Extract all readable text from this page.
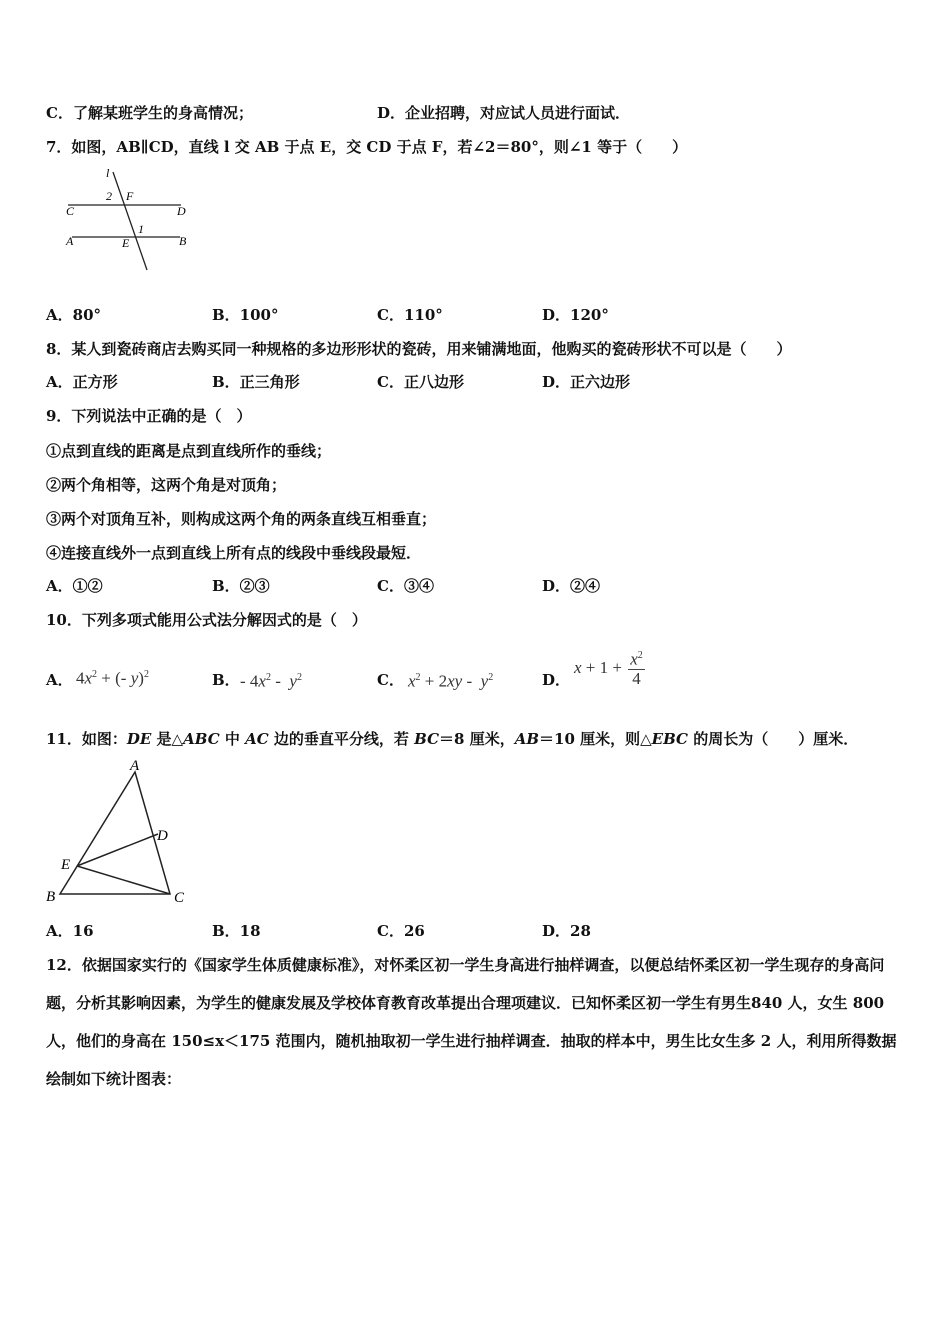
C．了解某班学生的身高情况；	D．企业招聘，对应试人员进行面试．
7．如图，AB∥CD，直线 l 交 AB 于点 E，交 CD 于点 F，若∠2＝80°，则∠1 等于（　　）
l
2 F
C	D
1
A	E	B
A．80°	B．100°	C．110°	D．120°
8．某人到瓷砖商店去购买同一种规格的多边形形状的瓷砖，用来铺满地面，他购买的瓷砖形状不可以是（　　）
A．正方形	B．正三角形	C．正八边形	D．正六边形
9．下列说法中正确的是（　）
①点到直线的距离是点到直线所作的垂线；
②两个角相等，这两个角是对顶角；
③两个对顶角互补，则构成这两个角的两条直线互相垂直；
④连接直线外一点到直线上所有点的线段中垂线段最短．
A．①②	B．②③	C．③④	D．②④
10．下列多项式能用公式法分解因式的是（　）
A． $4x^2$ + (- y)$^2$	B． - $4x^2 - y^2$	C． $x^2 + 2xy - y^2$	D．
$x + 1 + \frac{x^2}{4}$
11．如图：DE 是△ABC 中 AC 边的垂直平分线，若 BC＝8 厘米，AB＝10 厘米，则△EBC 的周长为（　　）厘米．
A
D
E
B	C
A．16	B．18	C．26	D．28
12．依据国家实行的《国家学生体质健康标准》，对怀柔区初一学生身高进行抽样调查，以便总结怀柔区初一学生现存的身高问题，分析其影响因素，为学生的健康发展及学校体育教育改革提出合理项建议．已知怀柔区初一学生有男生840 人，女生 800 人，他们的身高在 150≤x＜175 范围内，随机抽取初一学生进行抽样调查．抽取的样本中，男生比女生多 2 人，利用所得数据绘制如下统计图表：
